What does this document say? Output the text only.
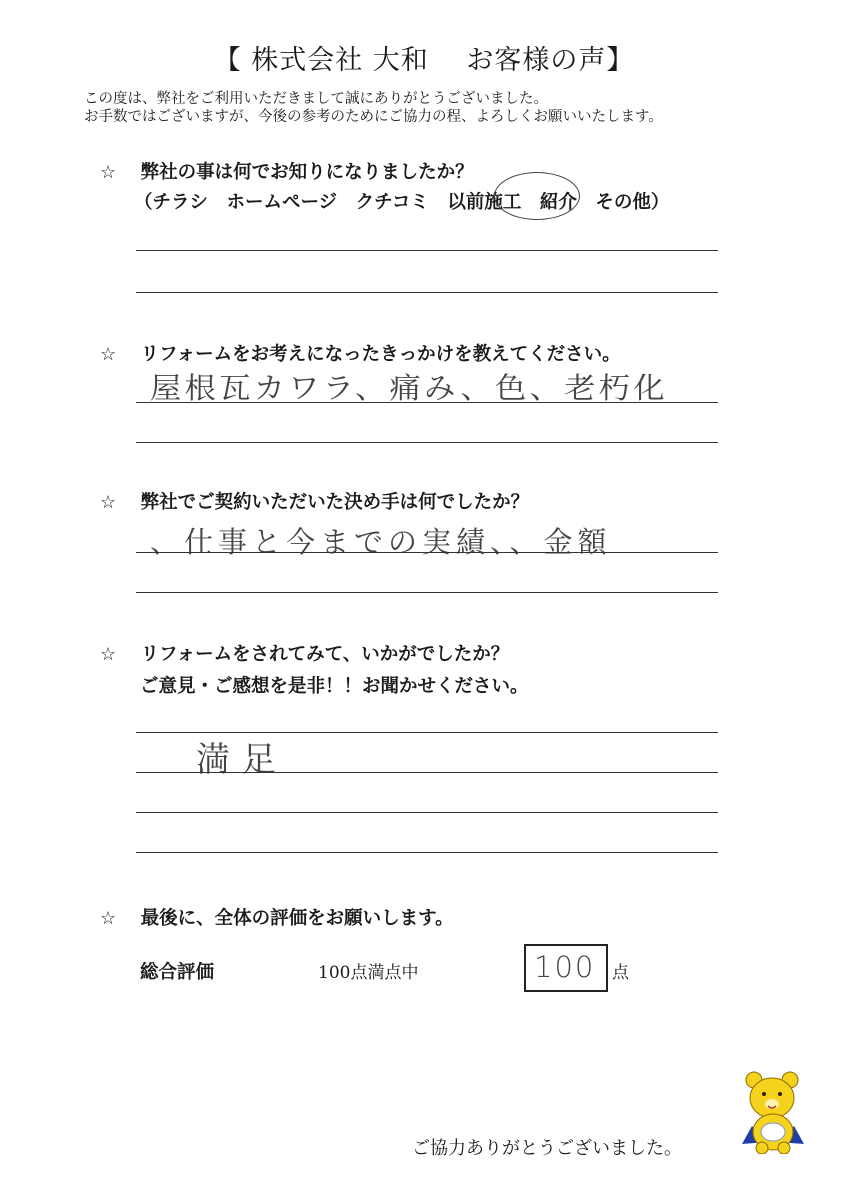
【 株式会社 大和　 お客様の声】
この度は、弊社をご利用いただきまして誠にありがとうございました。
お手数ではございますが、今後の参考のためにご協力の程、よろしくお願いいたします。
☆ 弊社の事は何でお知りになりましたか？
（チラシ　ホームページ　クチコミ　以前施工　紹介　その他）
☆ リフォームをお考えになったきっかけを教えてください。
屋根瓦カワラ、痛み、色、老朽化
☆ 弊社でご契約いただいた決め手は何でしたか？
、仕事と今までの実績、、金額
☆ リフォームをされてみて、いかがでしたか？
ご意見・ご感想を是非！！お聞かせください。
満足
☆ 最後に、全体の評価をお願いします。
総合評価	100点満点中	100 点
ご協力ありがとうございました。
